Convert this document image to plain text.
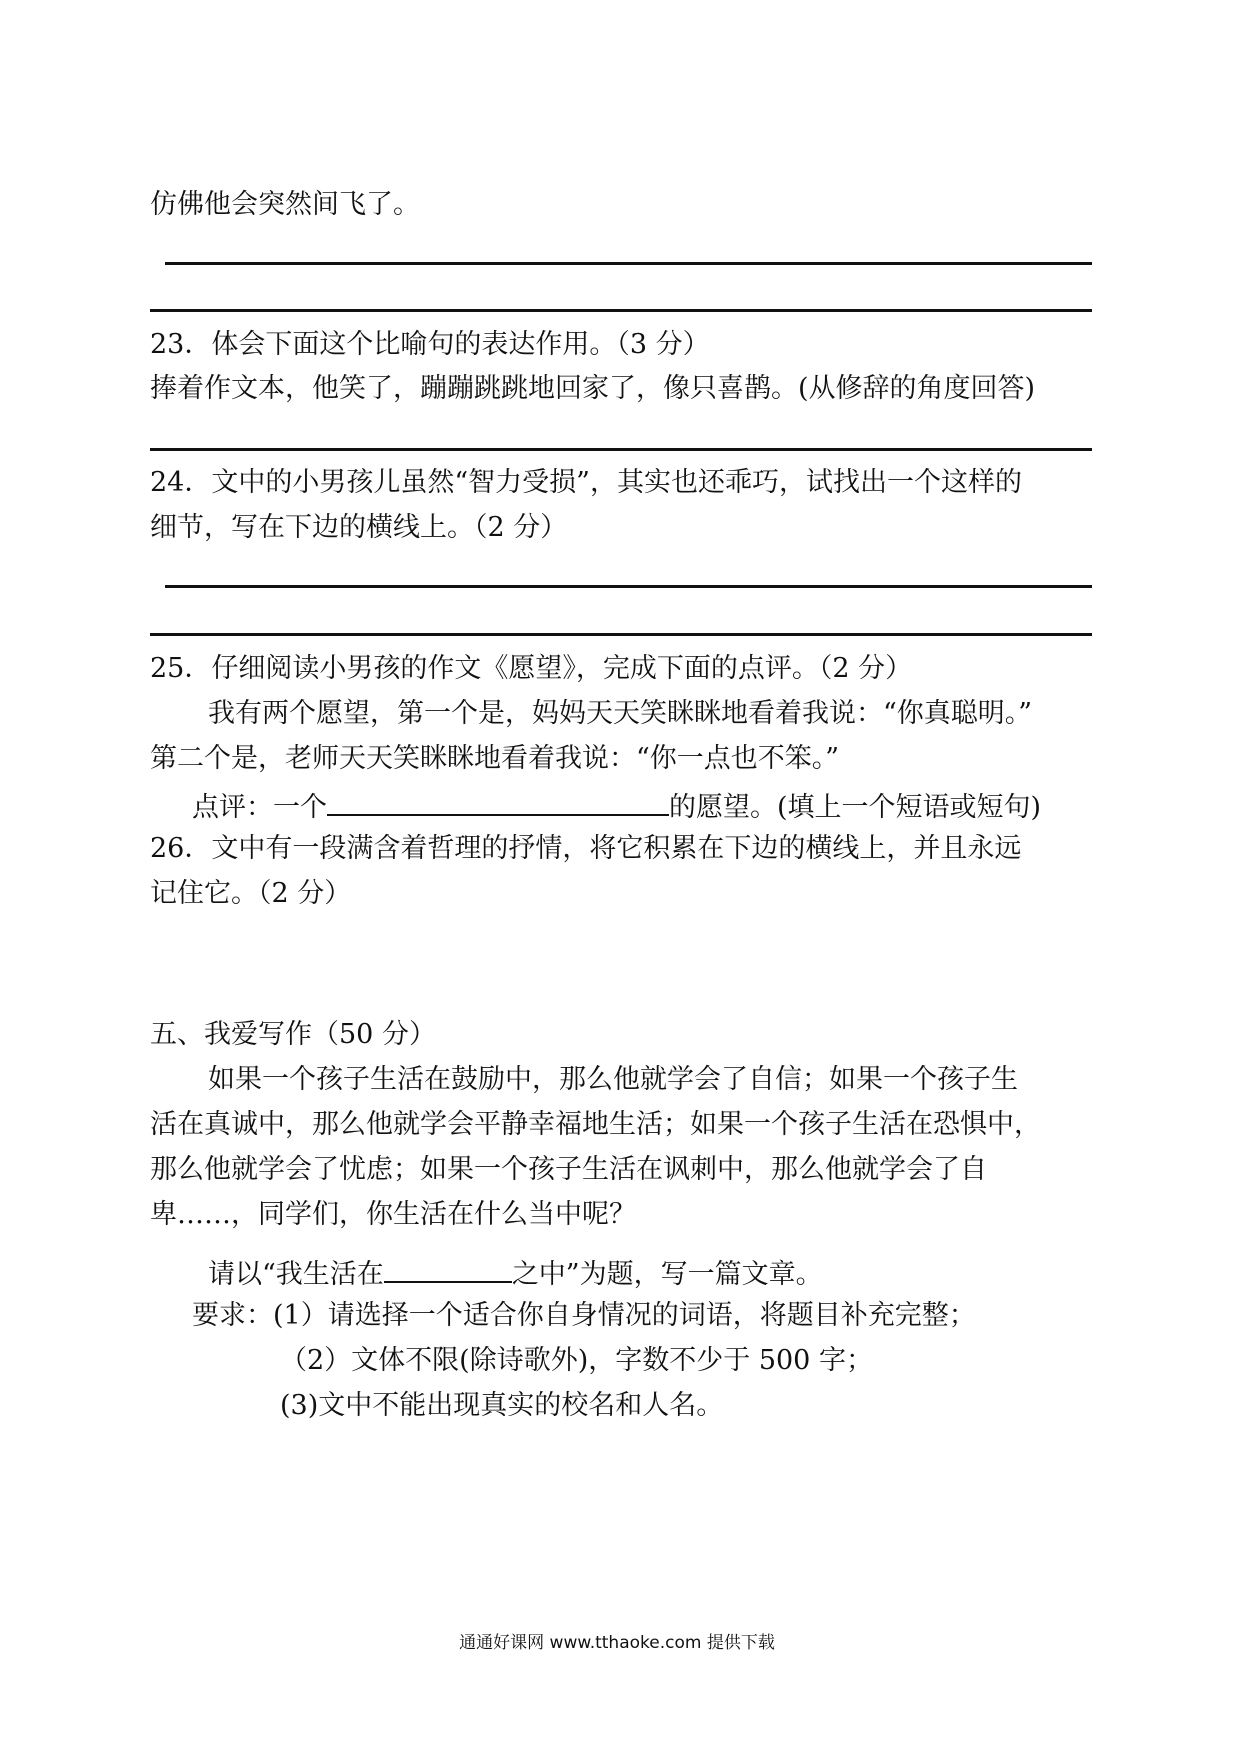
仿佛他会突然间飞了。
23．体会下面这个比喻句的表达作用。（3 分）
捧着作文本，他笑了，蹦蹦跳跳地回家了，像只喜鹊。(从修辞的角度回答)
24．文中的小男孩儿虽然“智力受损”，其实也还乖巧，试找出一个这样的
细节，写在下边的横线上。（2 分）
25．仔细阅读小男孩的作文《愿望》，完成下面的点评。（2 分）
我有两个愿望，第一个是，妈妈天天笑眯眯地看着我说：“你真聪明。”
第二个是，老师天天笑眯眯地看着我说：“你一点也不笨。”
点评：一个	的愿望。(填上一个短语或短句)
26．文中有一段满含着哲理的抒情，将它积累在下边的横线上，并且永远
记住它。（2 分）
五、我爱写作（50 分）
如果一个孩子生活在鼓励中，那么他就学会了自信；如果一个孩子生
活在真诚中，那么他就学会平静幸福地生活；如果一个孩子生活在恐惧中，
那么他就学会了忧虑；如果一个孩子生活在讽刺中，那么他就学会了自
卑……，同学们，你生活在什么当中呢？
请以“我生活在	之中”为题，写一篇文章。
要求：(1）请选择一个适合你自身情况的词语，将题目补充完整；
（2）文体不限(除诗歌外)，字数不少于 500 字；
(3)文中不能出现真实的校名和人名。
通通好课网 www.tthaoke.com 提供下载
